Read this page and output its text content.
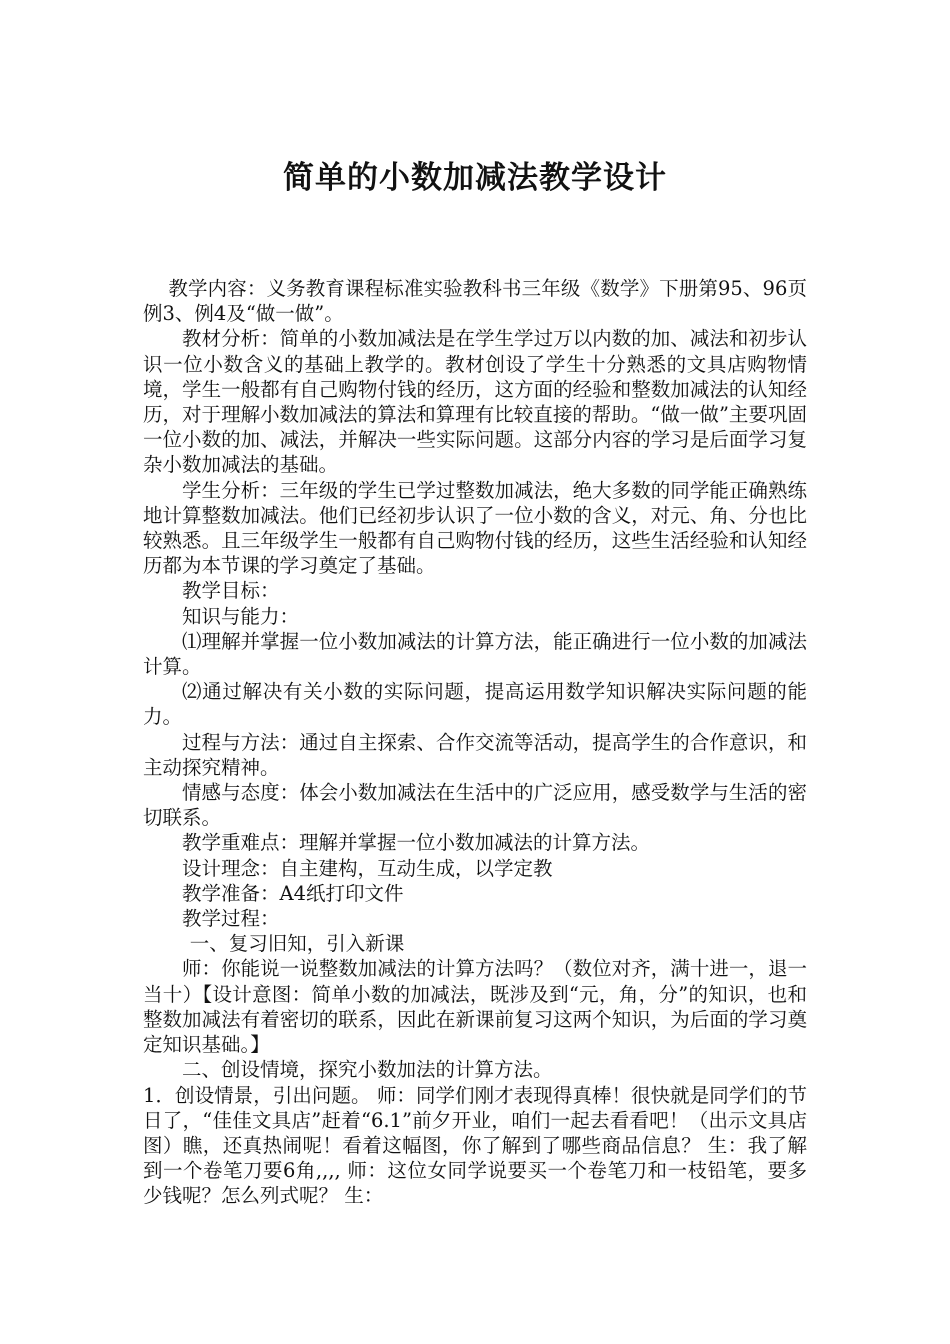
简单的小数加减法教学设计

教学内容：义务教育课程标准实验教科书三年级《数学》下册第95、96页例3、例4及“做一做”。

教材分析：简单的小数加减法是在学生学过万以内数的加、减法和初步认识一位小数含义的基础上教学的。教材创设了学生十分熟悉的文具店购物情境，学生一般都有自己购物付钱的经历，这方面的经验和整数加减法的认知经历，对于理解小数加减法的算法和算理有比较直接的帮助。“做一做”主要巩固一位小数的加、减法，并解决一些实际问题。这部分内容的学习是后面学习复杂小数加减法的基础。

学生分析：三年级的学生已学过整数加减法，绝大多数的同学能正确熟练地计算整数加减法。他们已经初步认识了一位小数的含义，对元、角、分也比较熟悉。且三年级学生一般都有自己购物付钱的经历，这些生活经验和认知经历都为本节课的学习奠定了基础。

教学目标：

知识与能力：

⑴理解并掌握一位小数加减法的计算方法，能正确进行一位小数的加减法计算。

⑵通过解决有关小数的实际问题，提高运用数学知识解决实际问题的能力。

过程与方法：通过自主探索、合作交流等活动，提高学生的合作意识，和主动探究精神。

情感与态度：体会小数加减法在生活中的广泛应用，感受数学与生活的密切联系。

教学重难点：理解并掌握一位小数加减法的计算方法。

设计理念：自主建构，互动生成，以学定教

教学准备：A4纸打印文件

教学过程：

一、复习旧知，引入新课

师：你能说一说整数加减法的计算方法吗？（数位对齐，满十进一，退一当十）【设计意图：简单小数的加减法，既涉及到“元，角，分”的知识，也和整数加减法有着密切的联系，因此在新课前复习这两个知识，为后面的学习奠定知识基础。】

二、创设情境，探究小数加法的计算方法。

1．创设情景，引出问题。 师：同学们刚才表现得真棒！很快就是同学们的节日了，“佳佳文具店”赶着“6.1”前夕开业，咱们一起去看看吧！（出示文具店图）瞧，还真热闹呢！看着这幅图，你了解到了哪些商品信息？ 生：我了解到一个卷笔刀要6角,,,, 师：这位女同学说要买一个卷笔刀和一枝铅笔，要多少钱呢？怎么列式呢？ 生：
